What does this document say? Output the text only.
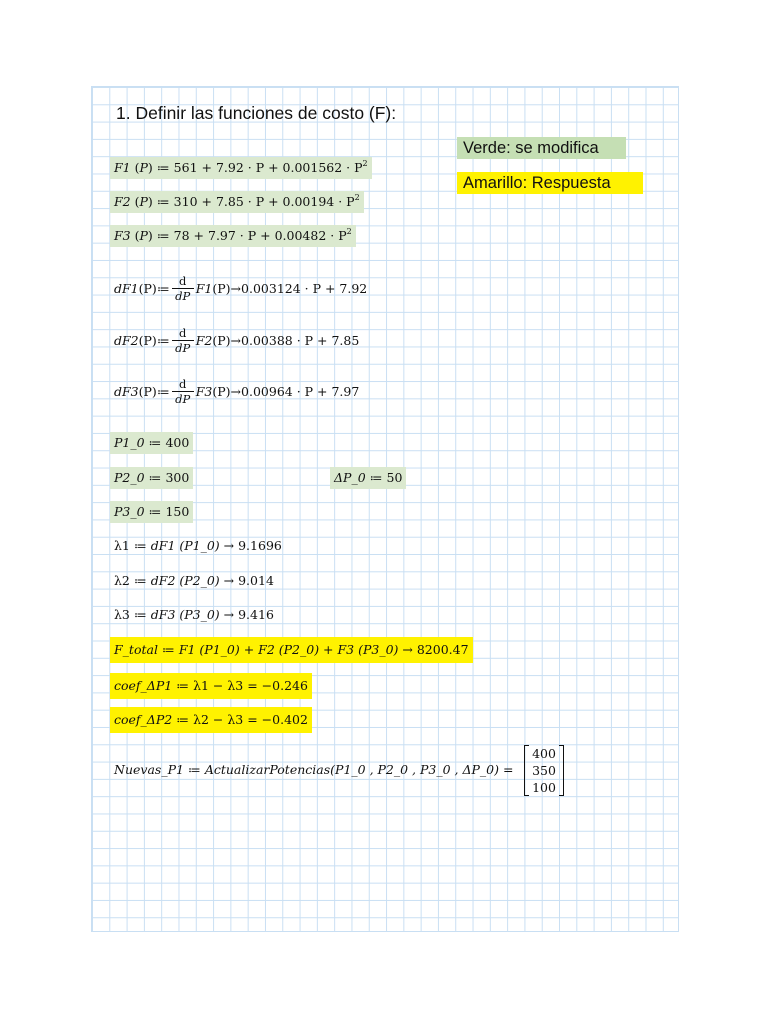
1. Definir las funciones de costo (F):
Verde: se modifica
Amarillo: Respuesta
F1 (P) ≔ $561 + 7.92 \cdot P + 0.001562 \cdot P^2$
F2 (P) ≔ $310 + 7.85 \cdot P + 0.00194 \cdot P^2$
F3 (P) ≔ $78 + 7.97 \cdot P + 0.00482 \cdot P^2$
dF1 (P) ≔ $\frac{d}{dP} F1$ (P) → 0.003124 · P + 7.92
dF2 (P) ≔ $\frac{d}{dP} F2$ (P) → 0.00388 · P + 7.85
dF3 (P) ≔ $\frac{d}{dP} F3$ (P) → 0.00964 · P + 7.97
P1_0 ≔ 400
P2_0 ≔ 300	ΔP_0 ≔ 50
P3_0 ≔ 150
λ1 ≔ dF1 (P1_0) → 9.1696
λ2 ≔ dF2 (P2_0) → 9.014
λ3 ≔ dF3 (P3_0) → 9.416
F_total ≔ F1 (P1_0) + F2 (P2_0) + F3 (P3_0) → 8200.47
coef_ΔP1 ≔ λ1 − λ3 = −0.246
coef_ΔP2 ≔ λ2 − λ3 = −0.402
Nuevas_P1 ≔ ActualizarPotencias(P1_0 , P2_0 , P3_0 , ΔP_0) =
400
350
100
